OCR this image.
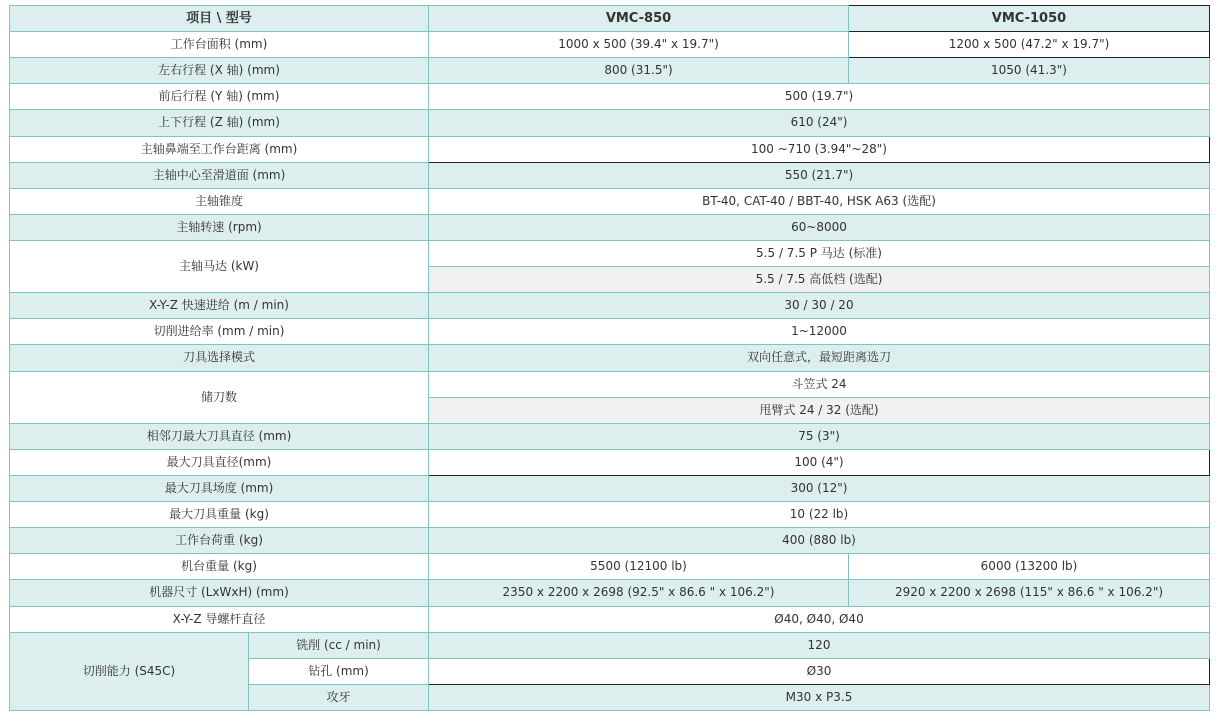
项目 \ 型号		VMC-850	VMC-1050
工作台面积 (mm)		1000 x 500 (39.4" x 19.7")	1200 x 500 (47.2" x 19.7")
左右行程 (X 轴) (mm)		800 (31.5")	1050 (41.3")
前后行程 (Y 轴) (mm)		500 (19.7")	
上下行程 (Z 轴) (mm)		610 (24")	
主轴鼻端至工作台距离 (mm)		100 ~710 (3.94"~28")	
主轴中心至滑道面 (mm)		550 (21.7")	
主轴锥度		BT-40, CAT-40 / BBT-40, HSK A63 (选配)	
主轴转速 (rpm)		60~8000	
主轴马达 (kW)		5.5 / 7.5 P 马达 (标准)	
		5.5 / 7.5 高低档 (选配)	
X-Y-Z 快速进给 (m / min)		30 / 30 / 20	
切削进给率 (mm / min)		1~12000	
刀具选择模式		双向任意式，最短距离选刀	
储刀数		斗笠式 24	
		甩臂式 24 / 32 (选配)	
相邻刀最大刀具直径 (mm)		75 (3")	
最大刀具直径(mm)		100 (4")	
最大刀具场度 (mm)		300 (12")	
最大刀具重量 (kg)		10 (22 lb)	
工作台荷重 (kg)		400 (880 lb)	
机台重量 (kg)		5500 (12100 lb)	6000 (13200 lb)
机器尺寸 (LxWxH) (mm)		2350 x 2200 x 2698 (92.5" x 86.6 " x 106.2")	2920 x 2200 x 2698 (115" x 86.6 " x 106.2")
X-Y-Z 导螺杆直径		Ø40, Ø40, Ø40	
切削能力 (S45C)	铣削 (cc / min)	120	
	钻孔 (mm)	Ø30	
	攻牙	M30 x P3.5	
